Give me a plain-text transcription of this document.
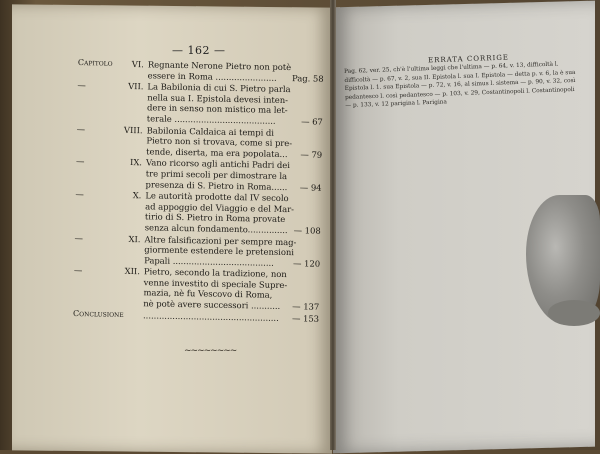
— 162 —
Capitolo	VI. Regnante Nerone Pietro non potè
essere in Roma .......................	Pag. 58
—	VII. La Babilonia di cui S. Pietro parla
nella sua I. Epistola devesi inten-
dere in senso non mistico ma let-
terale ......................................	— 67
—	VIII. Babilonia Caldaica ai tempi di
Pietro non si trovava, come si pre-
tende, diserta, ma era popolata...	— 79
—	IX. Vano ricorso agli antichi Padri dei
tre primi secoli per dimostrare la
presenza di S. Pietro in Roma......	— 94
—	X. Le autorità prodotte dal IV secolo
ad appoggio del Viaggio e del Mar-
tirio di S. Pietro in Roma provate
senza alcun fondamento............... — 108
—	XI. Altre falsificazioni per sempre mag-
giormente estendere le pretensioni
Papali ......................................	— 120
—	XII. Pietro, secondo la tradizione, non
venne investito di speciale Supre-
mazia, nè fu Vescovo di Roma,
nè potè avere successori ...........	— 137
Conclusione ...................................................	— 153
~~~~~~~~
ERRATA CORRIGE
Pag. 62, ver. 25, ch'è l'ultima leggi che l'ultima — p. 64, v. 13, difficoltà l. difficoltà — p. 67, v. 2, sua II. Epistola l. sua I. Epistola — detta p. v. 6, la è sua Epistola l. 1. sua Epistola — p. 72, v. 16, al simus l. sistema — p. 90, v. 32, così pedantesco l. così pedantesco — p. 103, v. 29, Costantinopoli l. Costantinopoli — p. 133, v. 12 parigina l. Parigina
